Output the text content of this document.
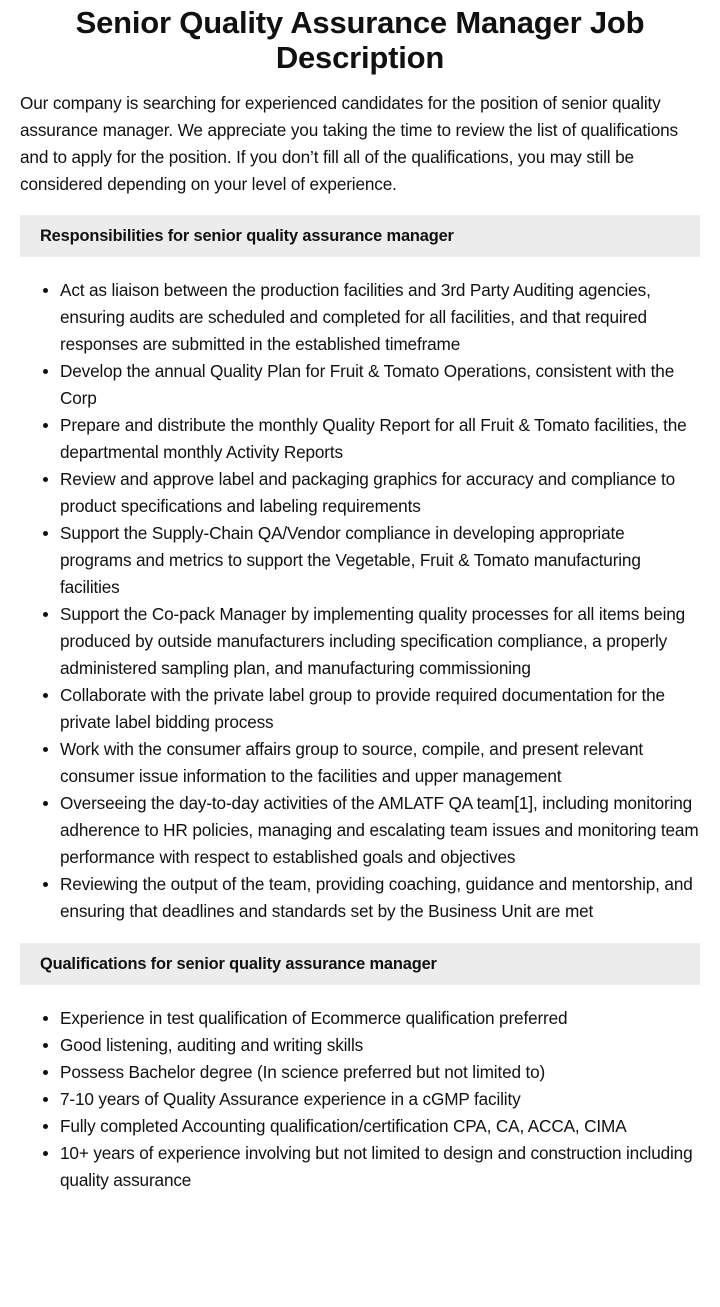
Senior Quality Assurance Manager Job Description

Our company is searching for experienced candidates for the position of senior quality assurance manager. We appreciate you taking the time to review the list of qualifications and to apply for the position. If you don’t fill all of the qualifications, you may still be considered depending on your level of experience.

Responsibilities for senior quality assurance manager
Act as liaison between the production facilities and 3rd Party Auditing agencies, ensuring audits are scheduled and completed for all facilities, and that required responses are submitted in the established timeframe
Develop the annual Quality Plan for Fruit & Tomato Operations, consistent with the Corp
Prepare and distribute the monthly Quality Report for all Fruit & Tomato facilities, the departmental monthly Activity Reports
Review and approve label and packaging graphics for accuracy and compliance to product specifications and labeling requirements
Support the Supply-Chain QA/Vendor compliance in developing appropriate programs and metrics to support the Vegetable, Fruit & Tomato manufacturing facilities
Support the Co-pack Manager by implementing quality processes for all items being produced by outside manufacturers including specification compliance, a properly administered sampling plan, and manufacturing commissioning
Collaborate with the private label group to provide required documentation for the private label bidding process
Work with the consumer affairs group to source, compile, and present relevant consumer issue information to the facilities and upper management
Overseeing the day-to-day activities of the AMLATF QA team[1], including monitoring adherence to HR policies, managing and escalating team issues and monitoring team performance with respect to established goals and objectives
Reviewing the output of the team, providing coaching, guidance and mentorship, and ensuring that deadlines and standards set by the Business Unit are met
Qualifications for senior quality assurance manager
Experience in test qualification of Ecommerce qualification preferred
Good listening, auditing and writing skills
Possess Bachelor degree (In science preferred but not limited to)
7-10 years of Quality Assurance experience in a cGMP facility
Fully completed Accounting qualification/certification CPA, CA, ACCA, CIMA
10+ years of experience involving but not limited to design and construction including quality assurance
